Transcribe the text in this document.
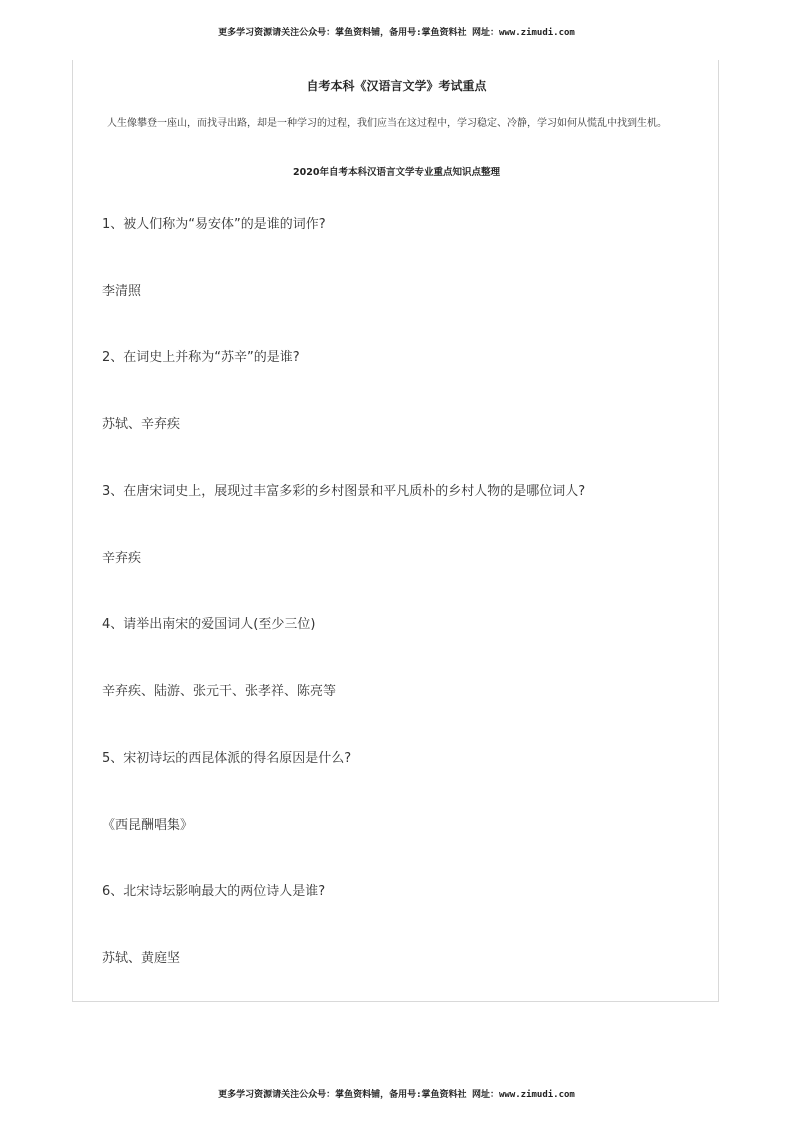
更多学习资源请关注公众号：掌鱼资料铺，备用号:掌鱼资料社 网址：www.zimudi.com
自考本科《汉语言文学》考试重点
人生像攀登一座山，而找寻出路，却是一种学习的过程，我们应当在这过程中，学习稳定、冷静，学习如何从慌乱中找到生机。
2020年自考本科汉语言文学专业重点知识点整理
1、被人们称为“易安体”的是谁的词作?
李清照
2、在词史上并称为“苏辛”的是谁?
苏轼、辛弃疾
3、在唐宋词史上，展现过丰富多彩的乡村图景和平凡质朴的乡村人物的是哪位词人?
辛弃疾
4、请举出南宋的爱国词人(至少三位)
辛弃疾、陆游、张元干、张孝祥、陈亮等
5、宋初诗坛的西昆体派的得名原因是什么?
《西昆酬唱集》
6、北宋诗坛影响最大的两位诗人是谁?
苏轼、黄庭坚
更多学习资源请关注公众号：掌鱼资料铺，备用号:掌鱼资料社 网址：www.zimudi.com
